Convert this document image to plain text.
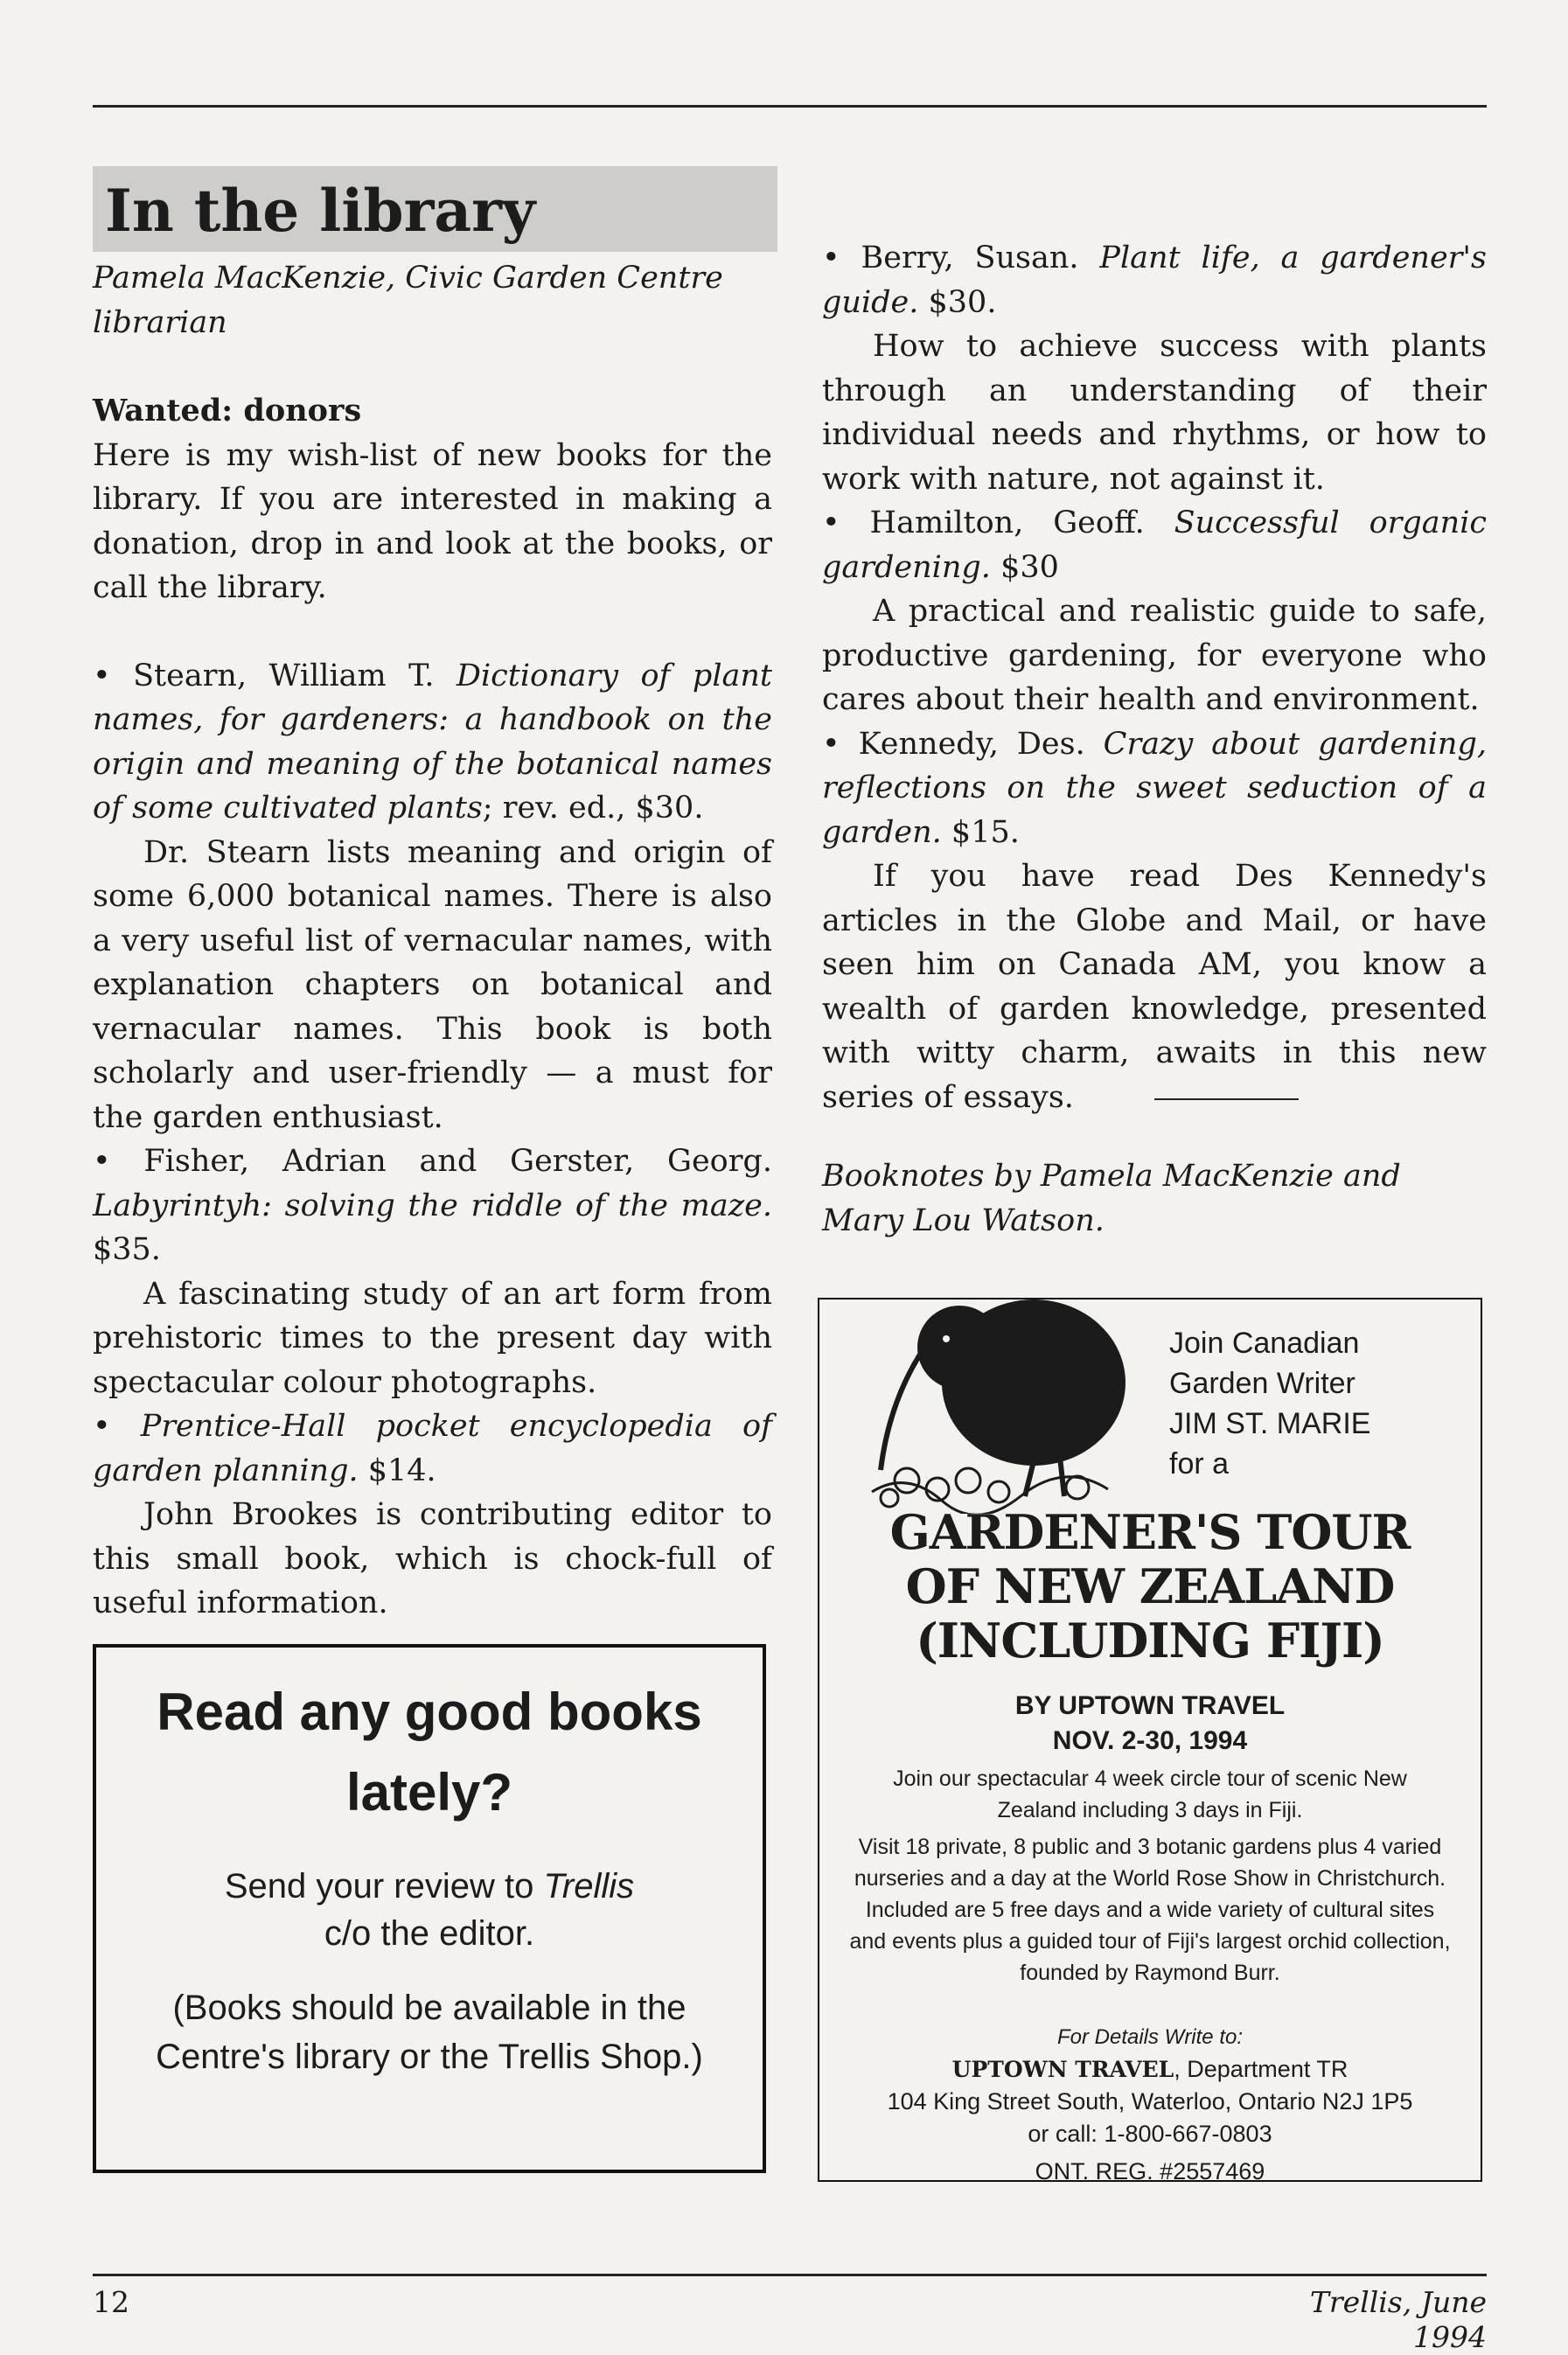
In the library
Pamela MacKenzie, Civic Garden Centre librarian

Wanted: donors

Here is my wish-list of new books for the library. If you are interested in making a donation, drop in and look at the books, or call the library.

• Stearn, William T. Dictionary of plant names, for gardeners: a handbook on the origin and meaning of the botanical names of some cultivated plants; rev. ed., $30.

Dr. Stearn lists meaning and origin of some 6,000 botanical names. There is also a very useful list of vernacular names, with explanation chapters on botanical and vernacular names. This book is both scholarly and user-friendly — a must for the garden enthusiast.

• Fisher, Adrian and Gerster, Georg. Labyrintyh: solving the riddle of the maze. $35.

A fascinating study of an art form from prehistoric times to the present day with spectacular colour photographs.

• Prentice-Hall pocket encyclopedia of garden planning. $14.

John Brookes is contributing editor to this small book, which is chock-full of useful information.

Read any good books lately?
Send your review to Trellis
c/o the editor.
(Books should be available in the Centre's library or the Trellis Shop.)

• Berry, Susan. Plant life, a gardener's guide. $30.

How to achieve success with plants through an understanding of their individual needs and rhythms, or how to work with nature, not against it.

• Hamilton, Geoff. Successful organic gardening. $30

A practical and realistic guide to safe, productive gardening, for everyone who cares about their health and environment.

• Kennedy, Des. Crazy about gardening, reflections on the sweet seduction of a garden. $15.

If you have read Des Kennedy's articles in the Globe and Mail, or have seen him on Canada AM, you know a wealth of garden knowledge, presented with witty charm, awaits in this new series of essays.

Booknotes by Pamela MacKenzie and Mary Lou Watson.

Join Canadian
Garden Writer
JIM ST. MARIE
for a
GARDENER'S TOUR
OF NEW ZEALAND
(INCLUDING FIJI)
BY UPTOWN TRAVEL
NOV. 2-30, 1994
Join our spectacular 4 week circle tour of scenic New Zealand including 3 days in Fiji.
Visit 18 private, 8 public and 3 botanic gardens plus 4 varied nurseries and a day at the World Rose Show in Christchurch. Included are 5 free days and a wide variety of cultural sites and events plus a guided tour of Fiji's largest orchid collection, founded by Raymond Burr.
For Details Write to:
UPTOWN TRAVEL, Department TR
104 King Street South, Waterloo, Ontario N2J 1P5
or call: 1-800-667-0803
ONT. REG. #2557469
12	Trellis, June 1994
